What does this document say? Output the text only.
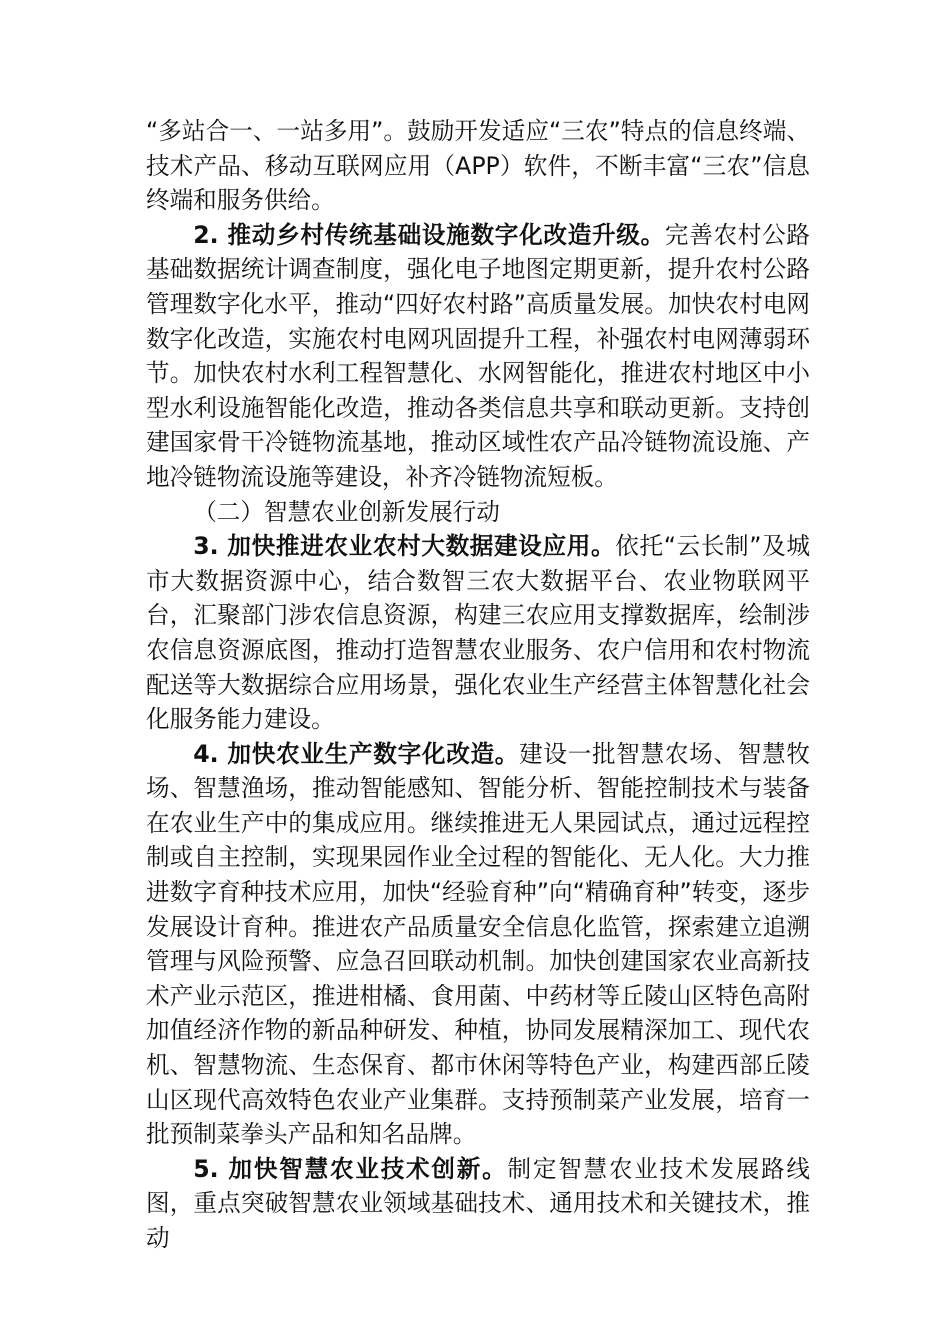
“多站合一、一站多用”。鼓励开发适应“三农”特点的信息终端、技术产品、移动互联网应用（APP）软件，不断丰富“三农”信息终端和服务供给。

2. 推动乡村传统基础设施数字化改造升级。完善农村公路基础数据统计调查制度，强化电子地图定期更新，提升农村公路管理数字化水平，推动“四好农村路”高质量发展。加快农村电网数字化改造，实施农村电网巩固提升工程，补强农村电网薄弱环节。加快农村水利工程智慧化、水网智能化，推进农村地区中小型水利设施智能化改造，推动各类信息共享和联动更新。支持创建国家骨干冷链物流基地，推动区域性农产品冷链物流设施、产地冷链物流设施等建设，补齐冷链物流短板。

（二）智慧农业创新发展行动

3. 加快推进农业农村大数据建设应用。依托“云长制”及城市大数据资源中心，结合数智三农大数据平台、农业物联网平台，汇聚部门涉农信息资源，构建三农应用支撑数据库，绘制涉农信息资源底图，推动打造智慧农业服务、农户信用和农村物流配送等大数据综合应用场景，强化农业生产经营主体智慧化社会化服务能力建设。

4. 加快农业生产数字化改造。建设一批智慧农场、智慧牧场、智慧渔场，推动智能感知、智能分析、智能控制技术与装备在农业生产中的集成应用。继续推进无人果园试点，通过远程控制或自主控制，实现果园作业全过程的智能化、无人化。大力推进数字育种技术应用，加快“经验育种”向“精确育种”转变，逐步发展设计育种。推进农产品质量安全信息化监管，探索建立追溯管理与风险预警、应急召回联动机制。加快创建国家农业高新技术产业示范区，推进柑橘、食用菌、中药材等丘陵山区特色高附加值经济作物的新品种研发、种植，协同发展精深加工、现代农机、智慧物流、生态保育、都市休闲等特色产业，构建西部丘陵山区现代高效特色农业产业集群。支持预制菜产业发展，培育一批预制菜拳头产品和知名品牌。

5. 加快智慧农业技术创新。制定智慧农业技术发展路线图，重点突破智慧农业领域基础技术、通用技术和关键技术，推动
